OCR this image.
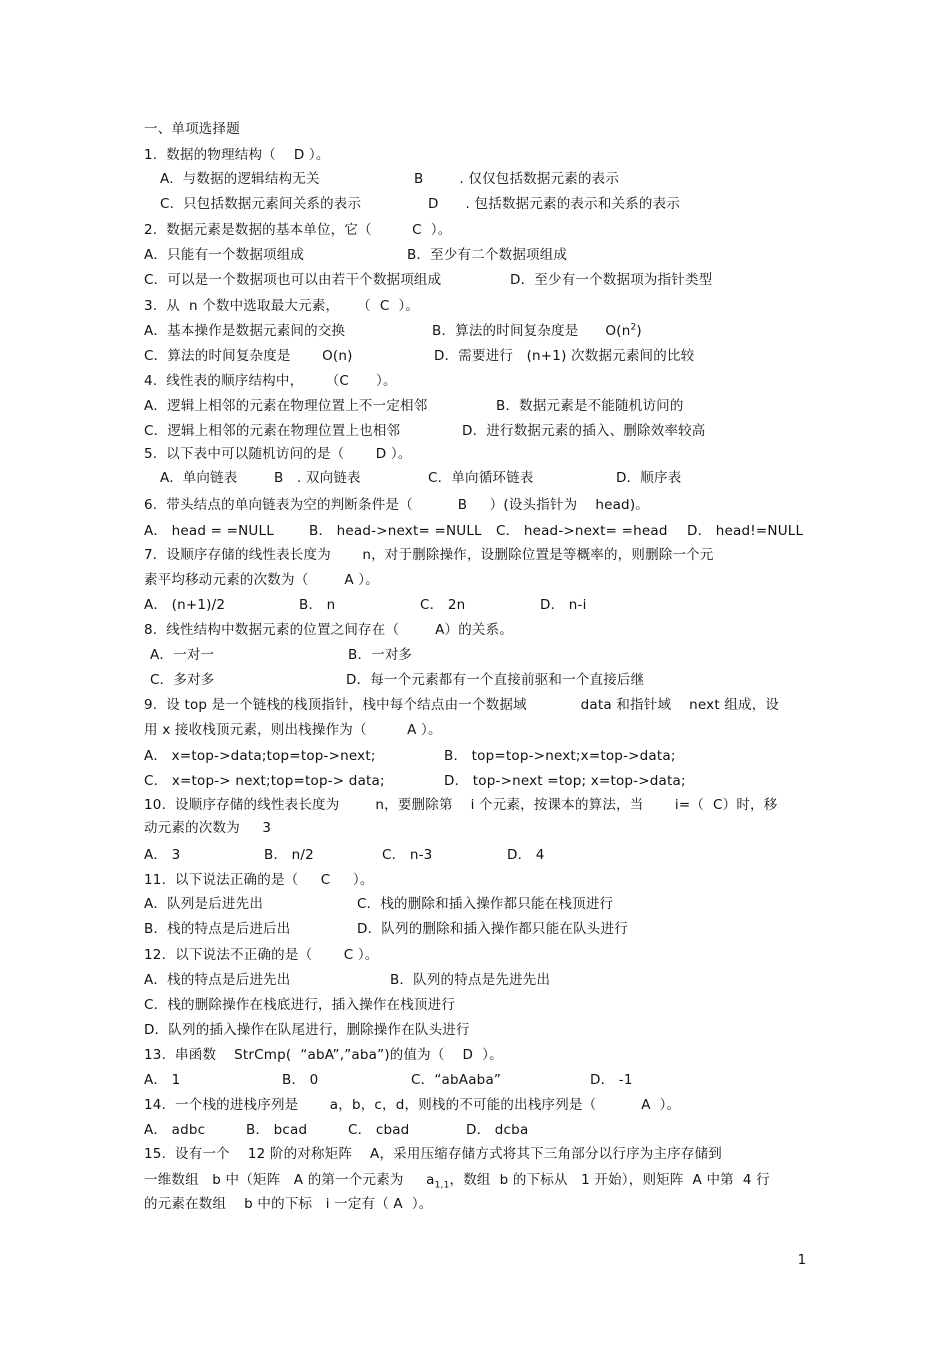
一、单项选择题
1.  数据的物理结构（    D ）。
A.  与数据的逻辑结构无关	B        . 仅仅包括数据元素的表示
C.  只包括数据元素间关系的表示	D      . 包括数据元素的表示和关系的表示
2.  数据元素是数据的基本单位，它（         C  ）。
A．只能有一个数据项组成	B．至少有二个数据项组成
C．可以是一个数据项也可以由若干个数据项组成	D．至少有一个数据项为指针类型
3.  从  n 个数中选取最大元素，    （  C  ）。
A．基本操作是数据元素间的交换	B．算法的时间复杂度是      $O(n^2)$
C．算法的时间复杂度是       O(n)	D．需要进行   (n+1) 次数据元素间的比较
4.  线性表的顺序结构中，     （C      ）。
A．逻辑上相邻的元素在物理位置上不一定相邻	B．数据元素是不能随机访问的
C．逻辑上相邻的元素在物理位置上也相邻	D．进行数据元素的插入、删除效率较高
5.  以下表中可以随机访问的是（       D ）。
A.  单向链表	B   . 双向链表	C．单向循环链表	D．顺序表
6.  带头结点的单向链表为空的判断条件是（          B     ）(设头指针为    head)。
A． head = =NULL	B． head->next= =NULL C． head->next= =head D． head!=NULL
7．设顺序存储的线性表长度为       n，对于删除操作，设删除位置是等概率的，则删除一个元
素平均移动元素的次数为（        A ）。
A． (n+1)/2	B． n	C． 2n	D． n-i
8.  线性结构中数据元素的位置之间存在（        A）的关系。
A．一对一	B．一对多
C．多对多	D．每一个元素都有一个直接前驱和一个直接后继
9.  设 top 是一个链栈的栈顶指针，栈中每个结点由一个数据域            data 和指针域    next 组成，设
用 x 接收栈顶元素，则出栈操作为（         A ）。
A． x=top->data;top=top->next;	B． top=top->next;x=top->data;
C． x=top-> next;top=top-> data;	D． top->next =top; x=top->data;
10.  设顺序存储的线性表长度为        n，要删除第    i 个元素，按课本的算法，当       i=（  C）时，移
动元素的次数为     3
A． 3	B． n/2	C． n-3	D． 4
11.  以下说法正确的是（     C     ）。
A．队列是后进先出	C．栈的删除和插入操作都只能在栈顶进行
B．栈的特点是后进后出	D．队列的删除和插入操作都只能在队头进行
12．以下说法不正确的是（       C ）。
A．栈的特点是后进先出	B．队列的特点是先进先出
C．栈的删除操作在栈底进行，插入操作在栈顶进行
D．队列的插入操作在队尾进行，删除操作在队头进行
13.  串函数    StrCmp(  “abA”,”aba”)的值为（    D  ）。
A． 1	B． 0	C．“abAaba”	D． -1
14.  一个栈的进栈序列是       a，b，c，d，则栈的不可能的出栈序列是（          A  ）。
A． adbc	B． bcad	C． cbad	D． dcba
15.  设有一个    12 阶的对称矩阵    A，采用压缩存储方式将其下三角部分以行序为主序存储到
一维数组   b 中（矩阵   A 的第一个元素为     $a_{1,1}$，数组  b 的下标从   1 开始），则矩阵  A 中第  4 行
的元素在数组    b 中的下标   i 一定有（ A  ）。
1
